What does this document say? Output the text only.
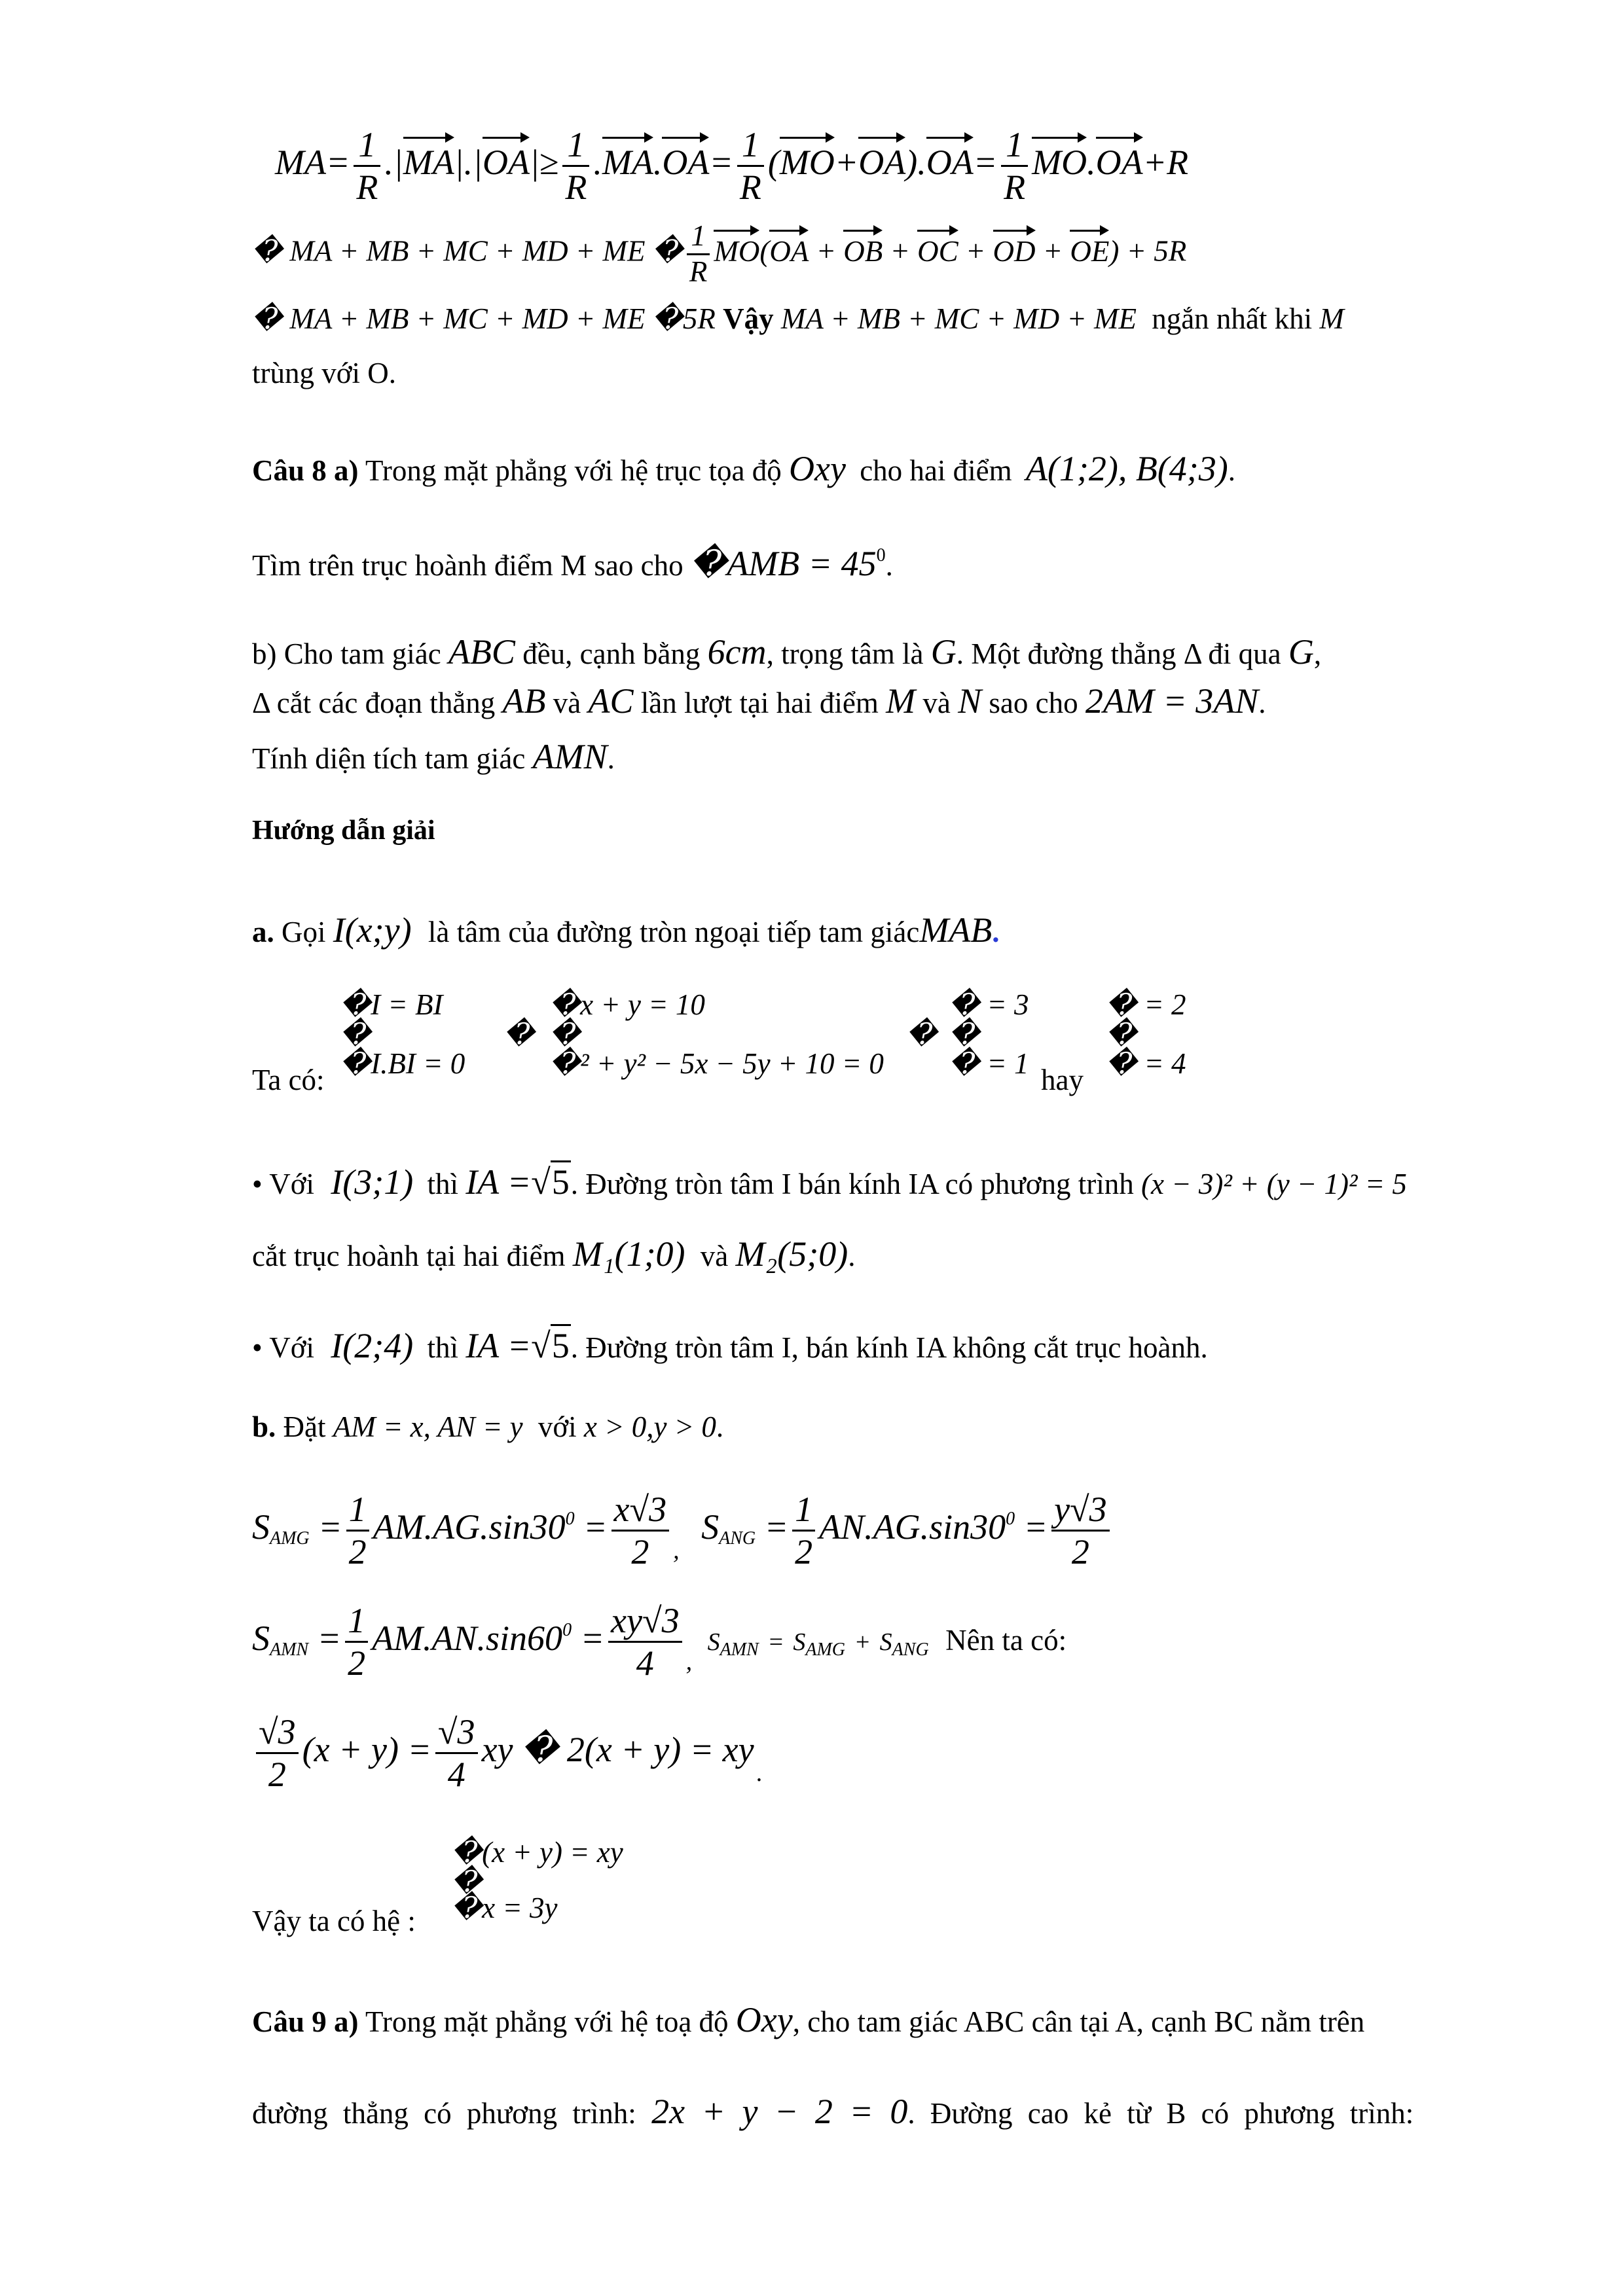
$MA= \frac{1}{R} .|MA|.|OA|\ge \frac{1}{R} .MA.OA= \frac{1}{R} (MO+OA).OA= \frac{1}{R} MO.OA+R$
� MA + MB + MC + MD + ME � $\frac{1}{R} MO(OA$ + OB + OC + OD + OE) + 5R
� MA + MB + MC + MD + ME �5R Vậy MA + MB + MC + MD + ME ngắn nhất khi M
trùng với O.
Câu 8 a) Trong mặt phẳng với hệ trục tọa độ Oxy cho hai điểm A(1;2), B(4;3).
Tìm trên trục hoành điểm M sao cho �AMB = $45^0$.
b) Cho tam giác ABC đều, cạnh bằng 6cm, trọng tâm là G. Một đường thẳng Δ đi qua G,
Δ cắt các đoạn thẳng AB và AC lần lượt tại hai điểm M và N sao cho 2AM = 3AN.
Tính diện tích tam giác AMN.
Hướng dẫn giải
a. Gọi I(x;y) là tâm của đường tròn ngoại tiếp tam giácMAB.
Ta có:
�I = BI
�
�I.BI = 0
�
�x + y = 10
�
�² + y² − 5x − 5y + 10 = 0
�
� = 3
�
� = 1 hay
� = 2
�
� = 4
• Với I(3;1) thì IA =√5. Đường tròn tâm I bán kính IA có phương trình (x − 3)² + (y − 1)² = 5
cắt trục hoành tại hai điểm M₁(1;0) và M₂(5;0).
• Với I(2;4) thì IA =√5. Đường tròn tâm I, bán kính IA không cắt trục hoành.
b. Đặt AM = x, AN = y với x > 0,y > 0.
$S_{AMG} = \frac{1}{2} AM.AG.\sin 30^0 = \frac{x√3}{2} _,$ $S_{ANG} = \frac{1}{2} AN.AG.\sin 30^0 = \frac{y√3}{2}$
$S_{AMN} = \frac{1}{2} AM.AN.\sin 60^0 = \frac{xy√3}{4} _,$ $S_{AMN} = S_{AMG} + S_{ANG}$ Nên ta có:
$\frac{√3}{2} (x + y) = \frac{√3}{4}$ xy � $2(x + y) = xy_.$
Vậy ta có hệ :
�(x + y) = xy
�
�x = 3y
Câu 9 a) Trong mặt phẳng với hệ toạ độ Oxy, cho tam giác ABC cân tại A, cạnh BC nằm trên
đường thẳng có phương trình: 2x + y − 2 = 0. Đường cao kẻ từ B có phương trình:
